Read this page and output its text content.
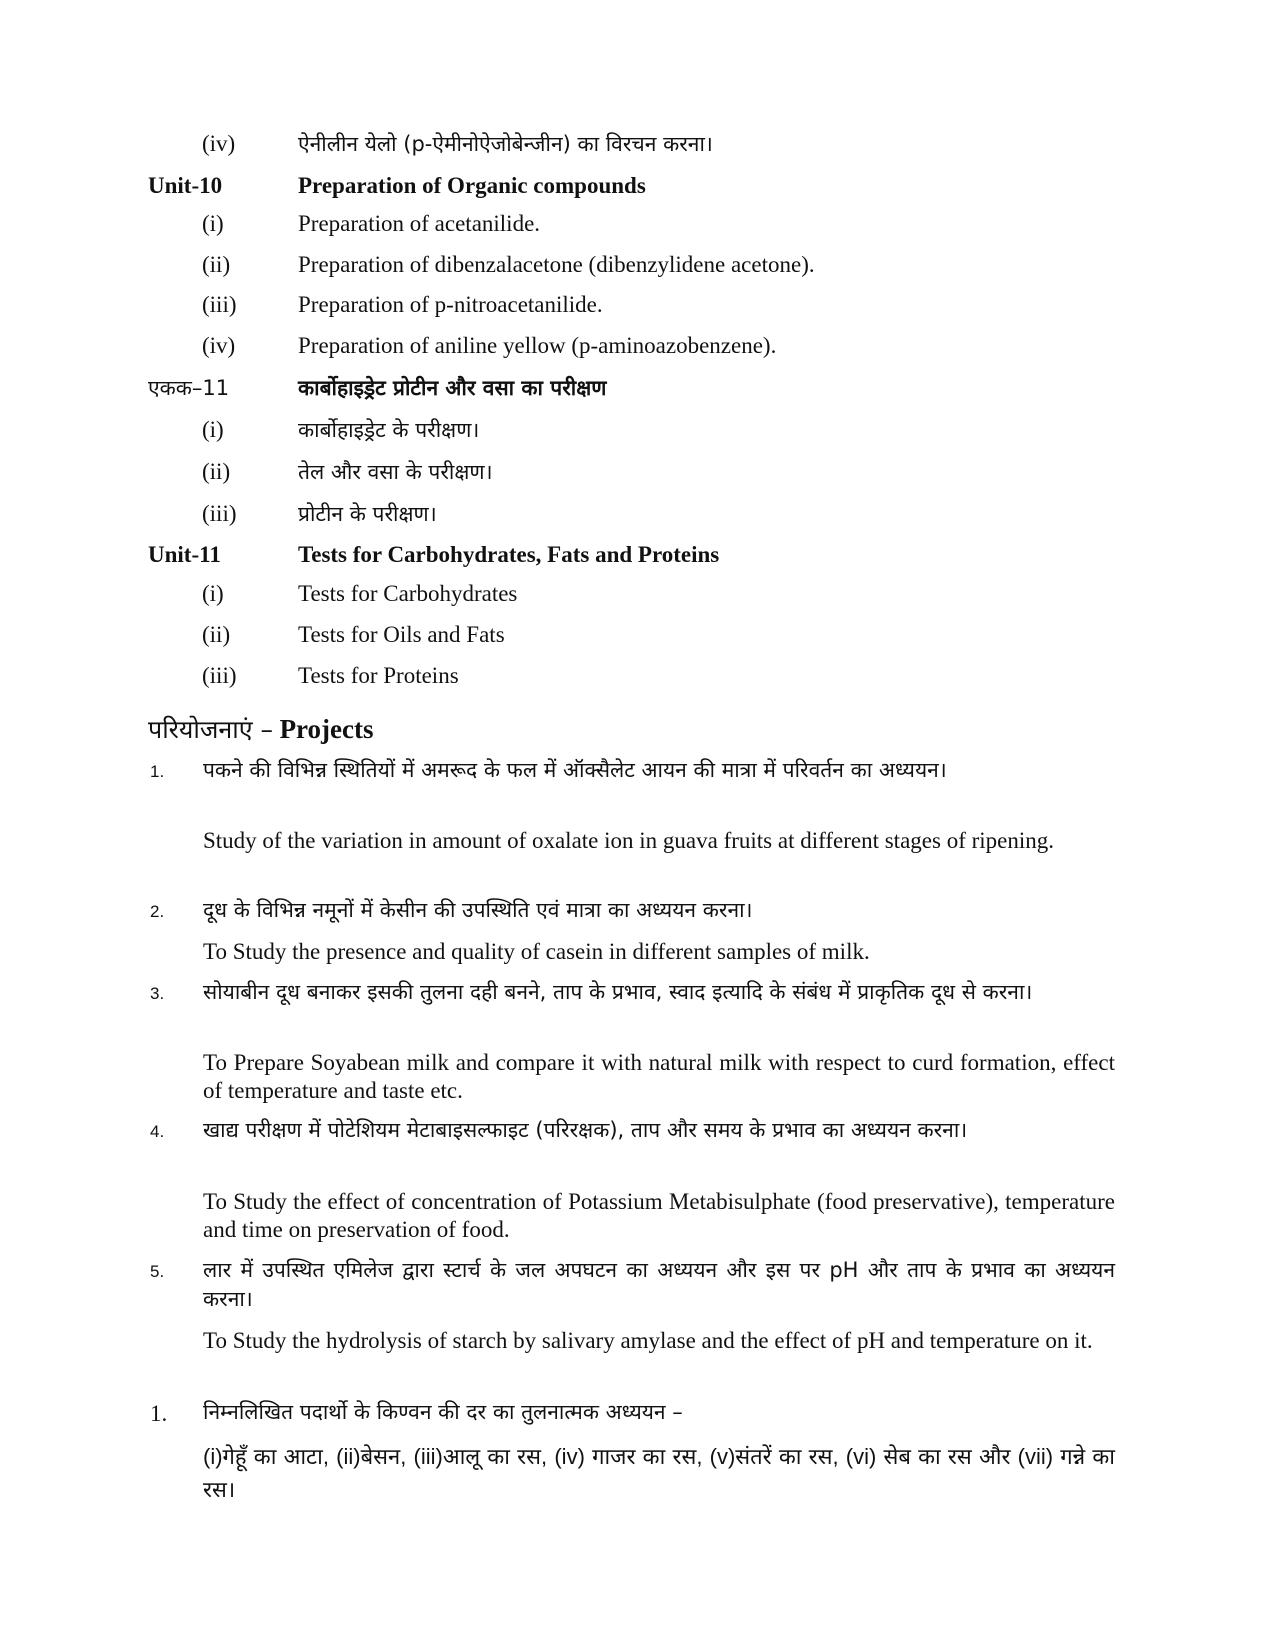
(iv)	ऐनीलीन येलो (p-ऐमीनोऐजोबेन्जीन) का विरचन करना।
Unit-10	Preparation of Organic compounds
(i)	Preparation of acetanilide.
(ii)	Preparation of dibenzalacetone (dibenzylidene acetone).
(iii)	Preparation of p-nitroacetanilide.
(iv)	Preparation of aniline yellow (p-aminoazobenzene).
एकक–11	कार्बोहाइड्रेट प्रोटीन और वसा का परीक्षण
(i)	कार्बोहाइड्रेट के परीक्षण।
(ii)	तेल और वसा के परीक्षण।
(iii)	प्रोटीन के परीक्षण।
Unit-11	Tests for Carbohydrates, Fats and Proteins
(i)	Tests for Carbohydrates
(ii)	Tests for Oils and Fats
(iii)	Tests for Proteins
परियोजनाएं – Projects
1. पकने की विभिन्न स्थितियों में अमरूद के फल में ऑक्सैलेट आयन की मात्रा में परिवर्तन का अध्ययन।
Study of the variation in amount of oxalate ion in guava fruits at different stages of ripening.
2. दूध के विभिन्न नमूनों में केसीन की उपस्थिति एवं मात्रा का अध्ययन करना।
To Study the presence and quality of casein in different samples of milk.
3. सोयाबीन दूध बनाकर इसकी तुलना दही बनने, ताप के प्रभाव, स्वाद इत्यादि के संबंध में प्राकृतिक दूध से करना।
To Prepare Soyabean milk and compare it with natural milk with respect to curd formation, effect of temperature and taste etc.
4. खाद्य परीक्षण में पोटेशियम मेटाबाइसल्फाइट (परिरक्षक), ताप और समय के प्रभाव का अध्ययन करना।
To Study the effect of concentration of Potassium Metabisulphate (food preservative), temperature and time on preservation of food.
5. लार में उपस्थित एमिलेज द्वारा स्टार्च के जल अपघटन का अध्ययन और इस पर pH और ताप के प्रभाव का अध्ययन करना।
To Study the hydrolysis of starch by salivary amylase and the effect of pH and temperature on it.
1. निम्नलिखित पदार्थो के किण्वन की दर का तुलनात्मक अध्ययन –
(i)गेहूँ का आटा, (ii)बेसन, (iii)आलू का रस, (iv) गाजर का रस, (v)संतरें का रस, (vi) सेब का रस और (vii) गन्ने का रस।
